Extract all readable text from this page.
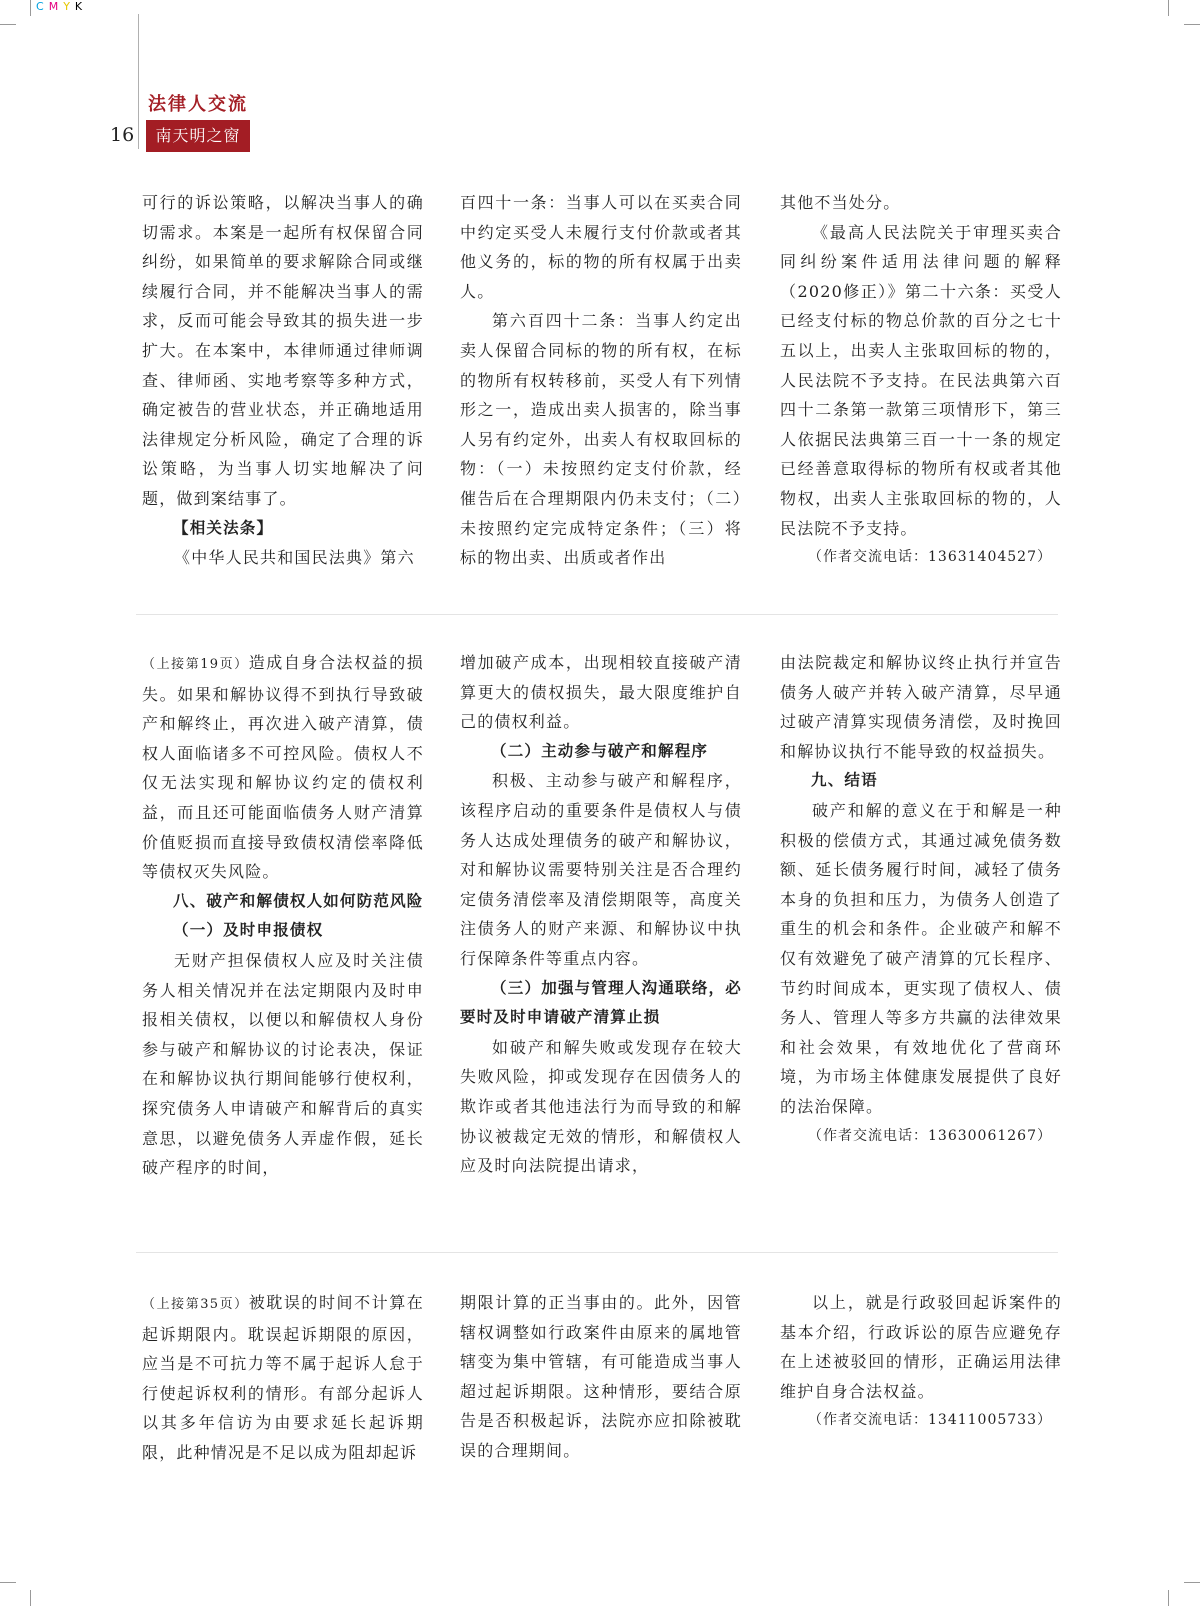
CMYK
法律人交流
16	南天明之窗

可行的诉讼策略，以解决当事人的确切需求。本案是一起所有权保留合同纠纷，如果简单的要求解除合同或继续履行合同，并不能解决当事人的需求，反而可能会导致其的损失进一步扩大。在本案中，本律师通过律师调查、律师函、实地考察等多种方式，确定被告的营业状态，并正确地适用法律规定分析风险，确定了合理的诉讼策略，为当事人切实地解决了问题，做到案结事了。

【相关法条】

《中华人民共和国民法典》第六

百四十一条：当事人可以在买卖合同中约定买受人未履行支付价款或者其他义务的，标的物的所有权属于出卖人。

第六百四十二条：当事人约定出卖人保留合同标的物的所有权，在标的物所有权转移前，买受人有下列情形之一，造成出卖人损害的，除当事人另有约定外，出卖人有权取回标的物：（一）未按照约定支付价款，经催告后在合理期限内仍未支付；（二）未按照约定完成特定条件；（三）将标的物出卖、出质或者作出

其他不当处分。

《最高人民法院关于审理买卖合同纠纷案件适用法律问题的解释（2020修正）》第二十六条：买受人已经支付标的物总价款的百分之七十五以上，出卖人主张取回标的物的，人民法院不予支持。在民法典第六百四十二条第一款第三项情形下，第三人依据民法典第三百一十一条的规定已经善意取得标的物所有权或者其他物权，出卖人主张取回标的物的，人民法院不予支持。

（作者交流电话：13631404527）

（上接第19页）造成自身合法权益的损失。如果和解协议得不到执行导致破产和解终止，再次进入破产清算，债权人面临诸多不可控风险。债权人不仅无法实现和解协议约定的债权利益，而且还可能面临债务人财产清算价值贬损而直接导致债权清偿率降低等债权灭失风险。

八、破产和解债权人如何防范风险

（一）及时申报债权

无财产担保债权人应及时关注债务人相关情况并在法定期限内及时申报相关债权，以便以和解债权人身份参与破产和解协议的讨论表决，保证在和解协议执行期间能够行使权利，探究债务人申请破产和解背后的真实意思，以避免债务人弄虚作假，延长破产程序的时间，

增加破产成本，出现相较直接破产清算更大的债权损失，最大限度维护自己的债权利益。

（二）主动参与破产和解程序

积极、主动参与破产和解程序，该程序启动的重要条件是债权人与债务人达成处理债务的破产和解协议，对和解协议需要特别关注是否合理约定债务清偿率及清偿期限等，高度关注债务人的财产来源、和解协议中执行保障条件等重点内容。

（三）加强与管理人沟通联络，必要时及时申请破产清算止损

如破产和解失败或发现存在较大失败风险，抑或发现存在因债务人的欺诈或者其他违法行为而导致的和解协议被裁定无效的情形，和解债权人应及时向法院提出请求，

由法院裁定和解协议终止执行并宣告债务人破产并转入破产清算，尽早通过破产清算实现债务清偿，及时挽回和解协议执行不能导致的权益损失。

九、结语

破产和解的意义在于和解是一种积极的偿债方式，其通过减免债务数额、延长债务履行时间，减轻了债务本身的负担和压力，为债务人创造了重生的机会和条件。企业破产和解不仅有效避免了破产清算的冗长程序、节约时间成本，更实现了债权人、债务人、管理人等多方共赢的法律效果和社会效果，有效地优化了营商环境，为市场主体健康发展提供了良好的法治保障。

（作者交流电话：13630061267）

（上接第35页）被耽误的时间不计算在起诉期限内。耽误起诉期限的原因，应当是不可抗力等不属于起诉人怠于行使起诉权利的情形。有部分起诉人以其多年信访为由要求延长起诉期限，此种情况是不足以成为阻却起诉

期限计算的正当事由的。此外，因管辖权调整如行政案件由原来的属地管辖变为集中管辖，有可能造成当事人超过起诉期限。这种情形，要结合原告是否积极起诉，法院亦应扣除被耽误的合理期间。

以上，就是行政驳回起诉案件的基本介绍，行政诉讼的原告应避免存在上述被驳回的情形，正确运用法律维护自身合法权益。

（作者交流电话：13411005733）
